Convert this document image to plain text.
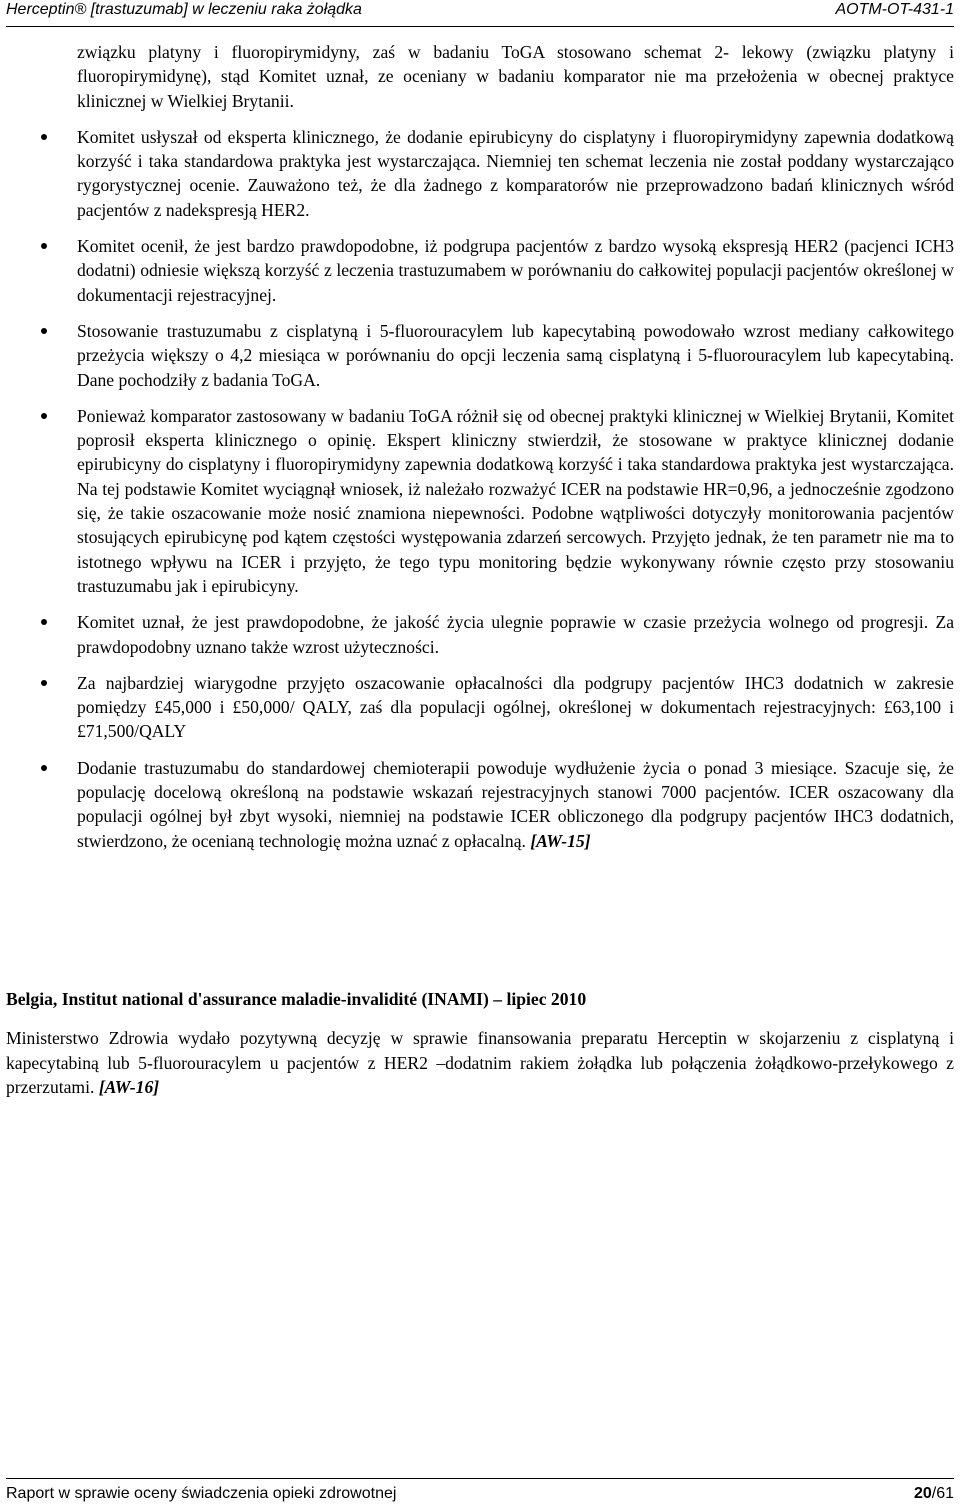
Herceptin® [trastuzumab] w leczeniu raka żołądka	AOTM-OT-431-1

związku platyny i fluoropirymidyny, zaś w badaniu ToGA stosowano schemat 2- lekowy (związku platyny i fluoropirymidynę), stąd Komitet uznał, ze oceniany w badaniu komparator nie ma przełożenia w obecnej praktyce klinicznej w Wielkiej Brytanii.

Komitet usłyszał od eksperta klinicznego, że dodanie epirubicyny do cisplatyny i fluoropirymidyny zapewnia dodatkową korzyść i taka standardowa praktyka jest wystarczająca. Niemniej ten schemat leczenia nie został poddany wystarczająco rygorystycznej ocenie. Zauważono też, że dla żadnego z komparatorów nie przeprowadzono badań klinicznych wśród pacjentów z nadekspresją HER2.
Komitet ocenił, że jest bardzo prawdopodobne, iż podgrupa pacjentów z bardzo wysoką ekspresją HER2 (pacjenci ICH3 dodatni) odniesie większą korzyść z leczenia trastuzumabem w porównaniu do całkowitej populacji pacjentów określonej w dokumentacji rejestracyjnej.
Stosowanie trastuzumabu z cisplatyną i 5-fluorouracylem lub kapecytabiną powodowało wzrost mediany całkowitego przeżycia większy o 4,2 miesiąca w porównaniu do opcji leczenia samą cisplatyną i 5-fluorouracylem lub kapecytabiną. Dane pochodziły z badania ToGA.
Ponieważ komparator zastosowany w badaniu ToGA różnił się od obecnej praktyki klinicznej w Wielkiej Brytanii, Komitet poprosił eksperta klinicznego o opinię. Ekspert kliniczny stwierdził, że stosowane w praktyce klinicznej dodanie epirubicyny do cisplatyny i fluoropirymidyny zapewnia dodatkową korzyść i taka standardowa praktyka jest wystarczająca. Na tej podstawie Komitet wyciągnął wniosek, iż należało rozważyć ICER na podstawie HR=0,96, a jednocześnie zgodzono się, że takie oszacowanie może nosić znamiona niepewności. Podobne wątpliwości dotyczyły monitorowania pacjentów stosujących epirubicynę pod kątem częstości występowania zdarzeń sercowych. Przyjęto jednak, że ten parametr nie ma to istotnego wpływu na ICER i przyjęto, że tego typu monitoring będzie wykonywany równie często przy stosowaniu trastuzumabu jak i epirubicyny.
Komitet uznał, że jest prawdopodobne, że jakość życia ulegnie poprawie w czasie przeżycia wolnego od progresji. Za prawdopodobny uznano także wzrost użyteczności.
Za najbardziej wiarygodne przyjęto oszacowanie opłacalności dla podgrupy pacjentów IHC3 dodatnich w zakresie pomiędzy £45,000 i £50,000/ QALY, zaś dla populacji ogólnej, określonej w dokumentach rejestracyjnych: £63,100 i £71,500/QALY
Dodanie trastuzumabu do standardowej chemioterapii powoduje wydłużenie życia o ponad 3 miesiące. Szacuje się, że populację docelową określoną na podstawie wskazań rejestracyjnych stanowi 7000 pacjentów. ICER oszacowany dla populacji ogólnej był zbyt wysoki, niemniej na podstawie ICER obliczonego dla podgrupy pacjentów IHC3 dodatnich, stwierdzono, że ocenianą technologię można uznać z opłacalną. [AW-15]
Belgia, Institut national d'assurance maladie-invalidité (INAMI) – lipiec 2010

Ministerstwo Zdrowia wydało pozytywną decyzję w sprawie finansowania preparatu Herceptin w skojarzeniu z cisplatyną i kapecytabiną lub 5-fluorouracylem u pacjentów z HER2 –dodatnim rakiem żołądka lub połączenia żołądkowo-przełykowego z przerzutami. [AW-16]

Raport w sprawie oceny świadczenia opieki zdrowotnej	20/61
